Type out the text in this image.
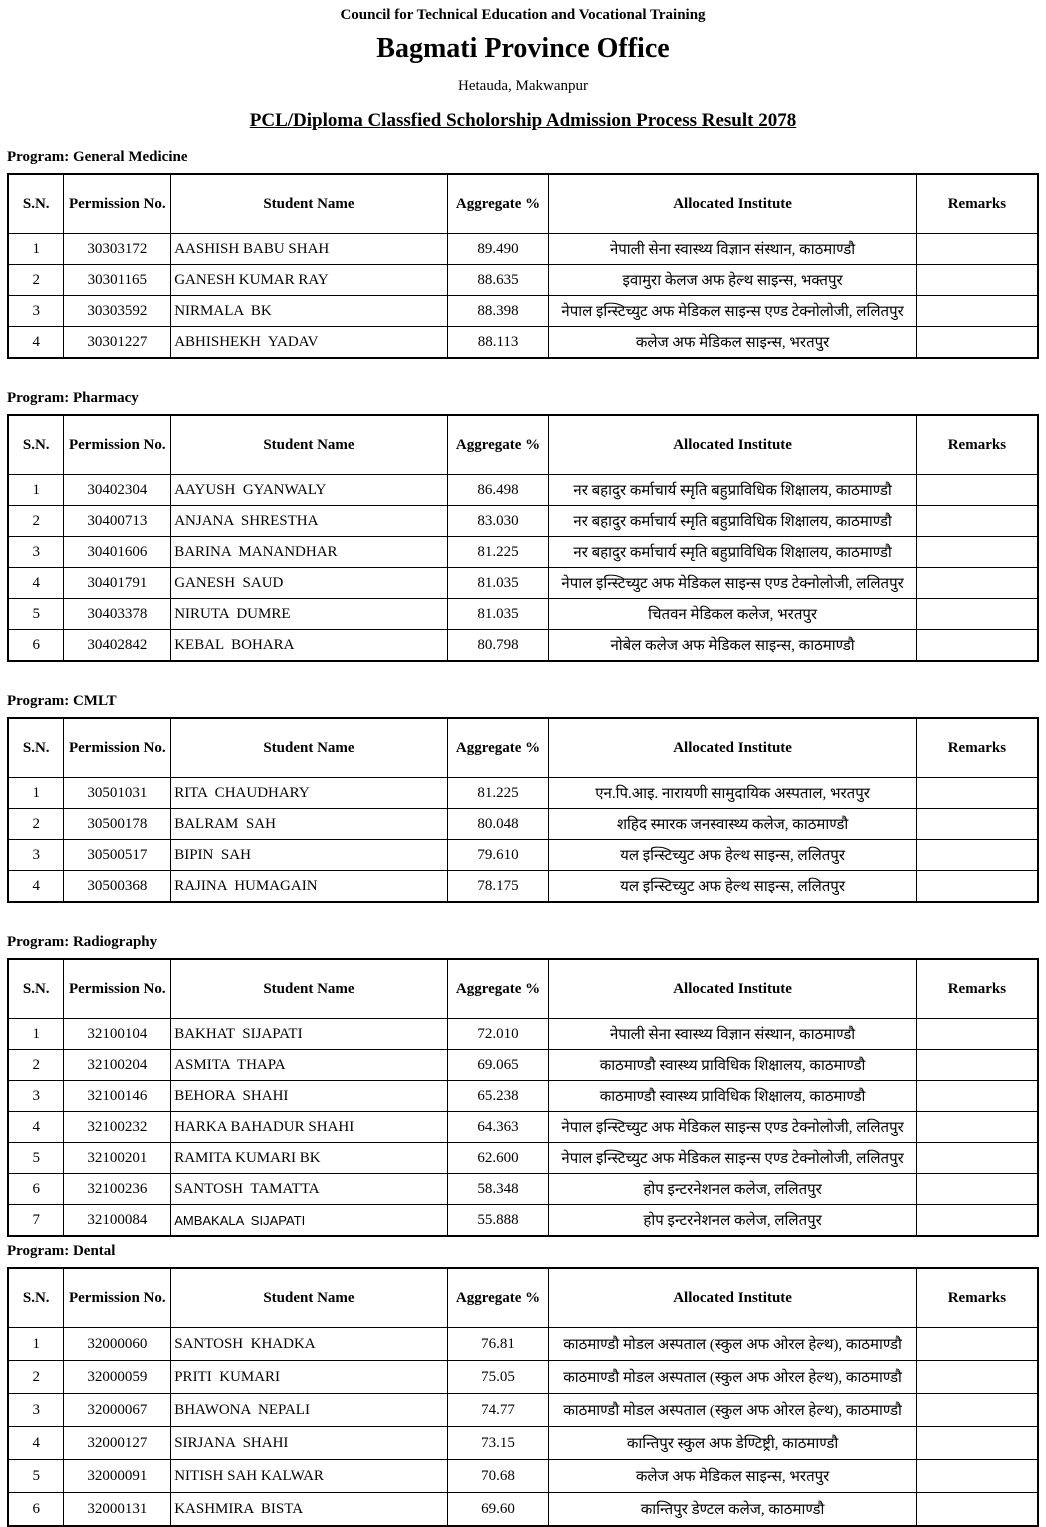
Council for Technical Education and Vocational Training
Bagmati Province Office
Hetauda, Makwanpur
PCL/Diploma Classfied Scholorship Admission Process Result 2078
Program: General Medicine
S.N.	Permission No.	Student Name	Aggregate %	Allocated Institute	Remarks
1	30303172	AASHISH BABU SHAH	89.490	नेपाली सेना स्वास्थ्य विज्ञान संस्थान, काठमाण्डौ	
2	30301165	GANESH KUMAR RAY	88.635	इवामुरा केलज अफ हेल्थ साइन्स, भक्तपुर	
3	30303592	NIRMALA  BK	88.398	नेपाल इन्स्टिच्युट अफ मेडिकल साइन्स एण्ड टेक्नोलोजी, ललितपुर	
4	30301227	ABHISHEKH  YADAV	88.113	कलेज अफ मेडिकल साइन्स, भरतपुर	
Program: Pharmacy
S.N.	Permission No.	Student Name	Aggregate %	Allocated Institute	Remarks
1	30402304	AAYUSH  GYANWALY	86.498	नर बहादुर कर्माचार्य स्मृति बहुप्राविधिक शिक्षालय, काठमाण्डौ	
2	30400713	ANJANA  SHRESTHA	83.030	नर बहादुर कर्माचार्य स्मृति बहुप्राविधिक शिक्षालय, काठमाण्डौ	
3	30401606	BARINA  MANANDHAR	81.225	नर बहादुर कर्माचार्य स्मृति बहुप्राविधिक शिक्षालय, काठमाण्डौ	
4	30401791	GANESH  SAUD	81.035	नेपाल इन्स्टिच्युट अफ मेडिकल साइन्स एण्ड टेक्नोलोजी, ललितपुर	
5	30403378	NIRUTA  DUMRE	81.035	चितवन मेडिकल कलेज, भरतपुर	
6	30402842	KEBAL  BOHARA	80.798	नोबेल कलेज अफ मेडिकल साइन्स, काठमाण्डौ	
Program: CMLT
S.N.	Permission No.	Student Name	Aggregate %	Allocated Institute	Remarks
1	30501031	RITA  CHAUDHARY	81.225	एन.पि.आइ. नारायणी सामुदायिक अस्पताल, भरतपुर	
2	30500178	BALRAM  SAH	80.048	शहिद स्मारक जनस्वास्थ्य कलेज, काठमाण्डौ	
3	30500517	BIPIN  SAH	79.610	यल इन्स्टिच्युट अफ हेल्थ साइन्स, ललितपुर	
4	30500368	RAJINA  HUMAGAIN	78.175	यल इन्स्टिच्युट अफ हेल्थ साइन्स, ललितपुर	
Program: Radiography
S.N.	Permission No.	Student Name	Aggregate %	Allocated Institute	Remarks
1	32100104	BAKHAT  SIJAPATI	72.010	नेपाली सेना स्वास्थ्य विज्ञान संस्थान, काठमाण्डौ	
2	32100204	ASMITA  THAPA	69.065	काठमाण्डौ स्वास्थ्य प्राविधिक शिक्षालय, काठमाण्डौ	
3	32100146	BEHORA  SHAHI	65.238	काठमाण्डौ स्वास्थ्य प्राविधिक शिक्षालय, काठमाण्डौ	
4	32100232	HARKA BAHADUR SHAHI	64.363	नेपाल इन्स्टिच्युट अफ मेडिकल साइन्स एण्ड टेक्नोलोजी, ललितपुर	
5	32100201	RAMITA KUMARI BK	62.600	नेपाल इन्स्टिच्युट अफ मेडिकल साइन्स एण्ड टेक्नोलोजी, ललितपुर	
6	32100236	SANTOSH  TAMATTA	58.348	होप इन्टरनेशनल कलेज, ललितपुर	
7	32100084	AMBAKALA  SIJAPATI	55.888	होप इन्टरनेशनल कलेज, ललितपुर	
Program: Dental
S.N.	Permission No.	Student Name	Aggregate %	Allocated Institute	Remarks
1	32000060	SANTOSH  KHADKA	76.81	काठमाण्डौ मोडल अस्पताल (स्कुल अफ ओरल हेल्थ), काठमाण्डौ	
2	32000059	PRITI  KUMARI	75.05	काठमाण्डौ मोडल अस्पताल (स्कुल अफ ओरल हेल्थ), काठमाण्डौ	
3	32000067	BHAWONA  NEPALI	74.77	काठमाण्डौ मोडल अस्पताल (स्कुल अफ ओरल हेल्थ), काठमाण्डौ	
4	32000127	SIRJANA  SHAHI	73.15	कान्तिपुर स्कुल अफ डेण्टिष्ट्री, काठमाण्डौ	
5	32000091	NITISH SAH KALWAR	70.68	कलेज अफ मेडिकल साइन्स, भरतपुर	
6	32000131	KASHMIRA  BISTA	69.60	कान्तिपुर डेण्टल कलेज, काठमाण्डौ	
